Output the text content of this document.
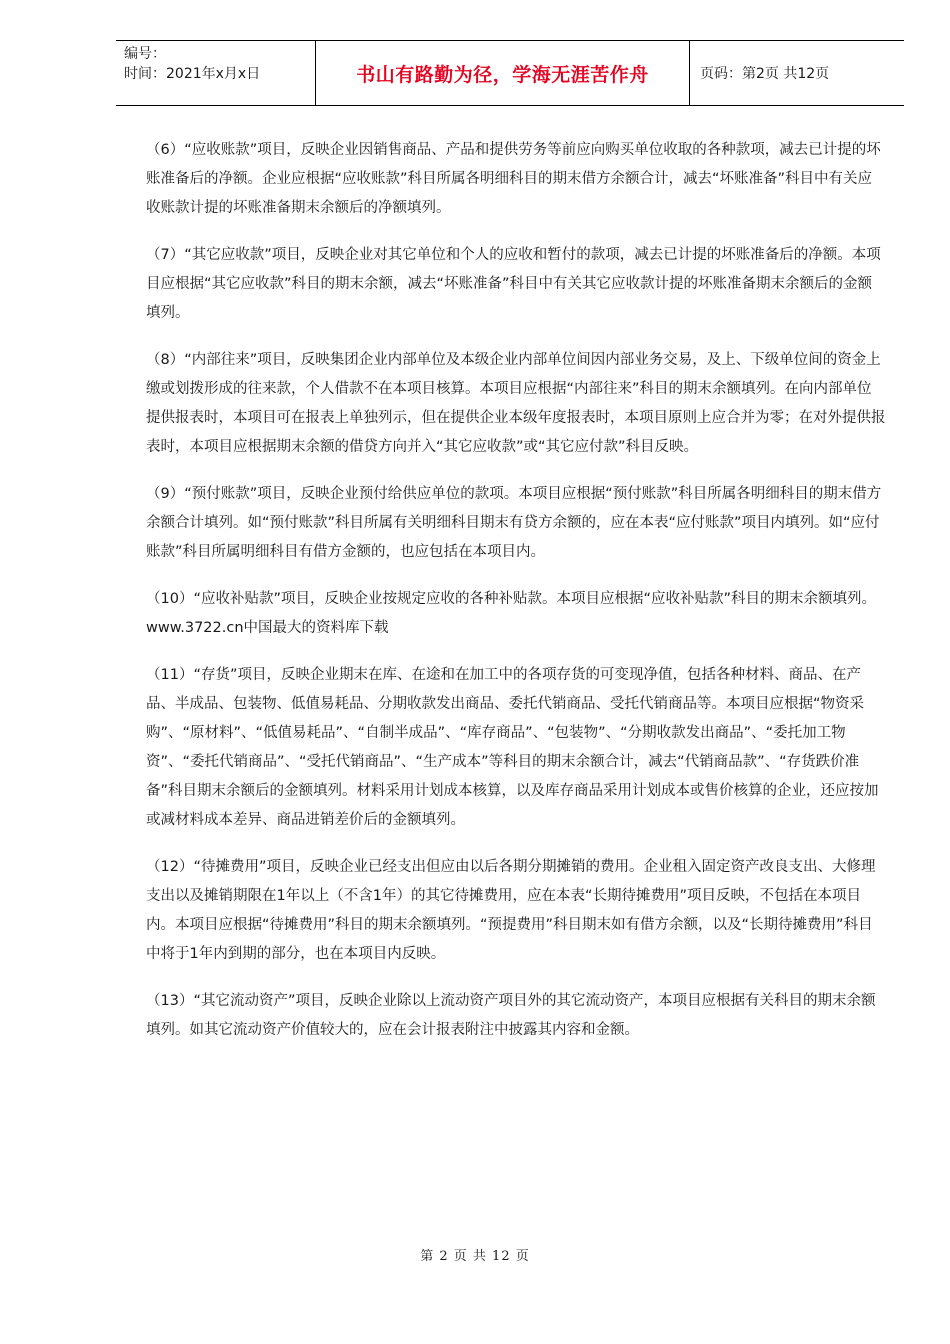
编号：
时间：2021年x月x日	书山有路勤为径，学海无涯苦作舟	页码：第2页 共12页

（6）“应收账款”项目，反映企业因销售商品、产品和提供劳务等前应向购买单位收取的各种款项，减去已计提的坏账准备后的净额。企业应根据“应收账款”科目所属各明细科目的期末借方余额合计，减去“坏账准备”科目中有关应收账款计提的坏账准备期末余额后的净额填列。

（7）“其它应收款”项目，反映企业对其它单位和个人的应收和暂付的款项，减去已计提的坏账准备后的净额。本项目应根据“其它应收款”科目的期末余额，减去“坏账准备”科目中有关其它应收款计提的坏账准备期末余额后的金额填列。

（8）“内部往来”项目，反映集团企业内部单位及本级企业内部单位间因内部业务交易，及上、下级单位间的资金上缴或划拨形成的往来款，个人借款不在本项目核算。本项目应根据“内部往来”科目的期末余额填列。在向内部单位提供报表时，本项目可在报表上单独列示，但在提供企业本级年度报表时，本项目原则上应合并为零；在对外提供报表时，本项目应根据期末余额的借贷方向并入“其它应收款”或“其它应付款”科目反映。

（9）“预付账款”项目，反映企业预付给供应单位的款项。本项目应根据“预付账款”科目所属各明细科目的期末借方余额合计填列。如“预付账款”科目所属有关明细科目期末有贷方余额的，应在本表“应付账款”项目内填列。如“应付账款”科目所属明细科目有借方金额的，也应包括在本项目内。

（10）“应收补贴款”项目，反映企业按规定应收的各种补贴款。本项目应根据“应收补贴款”科目的期末余额填列。www.3722.cn中国最大的资料库下载

（11）“存货”项目，反映企业期末在库、在途和在加工中的各项存货的可变现净值，包括各种材料、商品、在产品、半成品、包装物、低值易耗品、分期收款发出商品、委托代销商品、受托代销商品等。本项目应根据“物资采购”、“原材料”、“低值易耗品”、“自制半成品”、“库存商品”、“包装物”、“分期收款发出商品”、“委托加工物资”、“委托代销商品”、“受托代销商品”、“生产成本”等科目的期末余额合计，减去“代销商品款”、“存货跌价准备”科目期末余额后的金额填列。材料采用计划成本核算，以及库存商品采用计划成本或售价核算的企业，还应按加或减材料成本差异、商品进销差价后的金额填列。

（12）“待摊费用”项目，反映企业已经支出但应由以后各期分期摊销的费用。企业租入固定资产改良支出、大修理支出以及摊销期限在1年以上（不含1年）的其它待摊费用，应在本表“长期待摊费用”项目反映，不包括在本项目内。本项目应根据“待摊费用”科目的期末余额填列。“预提费用”科目期末如有借方余额，以及“长期待摊费用”科目中将于1年内到期的部分，也在本项目内反映。

（13）“其它流动资产”项目，反映企业除以上流动资产项目外的其它流动资产，本项目应根据有关科目的期末余额填列。如其它流动资产价值较大的，应在会计报表附注中披露其内容和金额。

第 2 页 共 12 页
